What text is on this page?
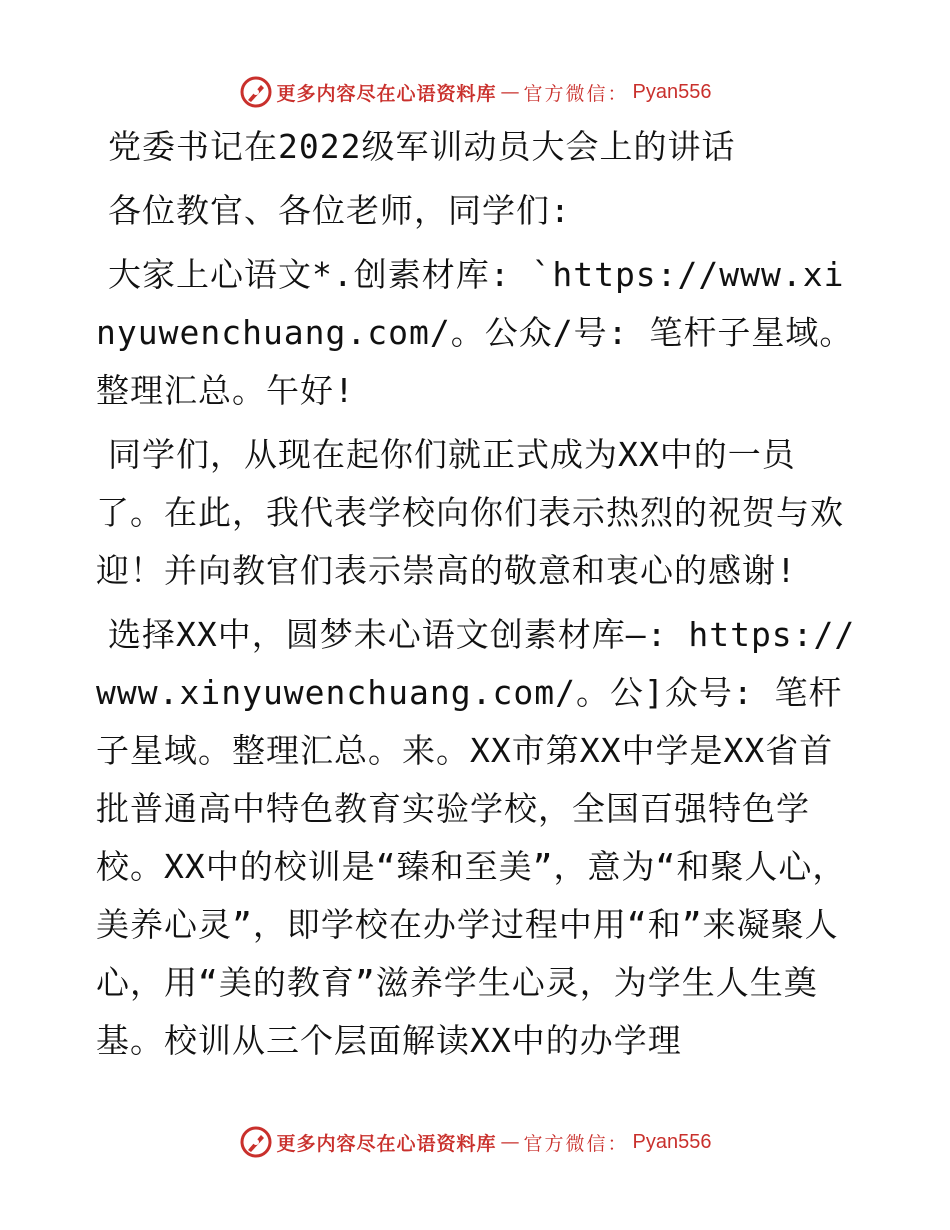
更多内容尽在心语资料库 — 官方微信： Pyan556

党委书记在2022级军训动员大会上的讲话

各位教官、各位老师，同学们:

大家上心语文*.创素材库: `https://www.xinyuwenchuang.com/。公众/号: 笔杆子星域。整理汇总。午好!

同学们，从现在起你们就正式成为XX中的一员了。在此，我代表学校向你们表示热烈的祝贺与欢迎！并向教官们表示崇高的敬意和衷心的感谢!

选择XX中，圆梦未心语文创素材库—: https://www.xinyuwenchuang.com/。公]众号: 笔杆子星域。整理汇总。来。XX市第XX中学是XX省首批普通高中特色教育实验学校，全国百强特色学校。XX中的校训是“臻和至美”，意为“和聚人心，美养心灵”，即学校在办学过程中用“和”来凝聚人心，用“美的教育”滋养学生心灵，为学生人生奠基。校训从三个层面解读XX中的办学理

更多内容尽在心语资料库 — 官方微信： Pyan556
